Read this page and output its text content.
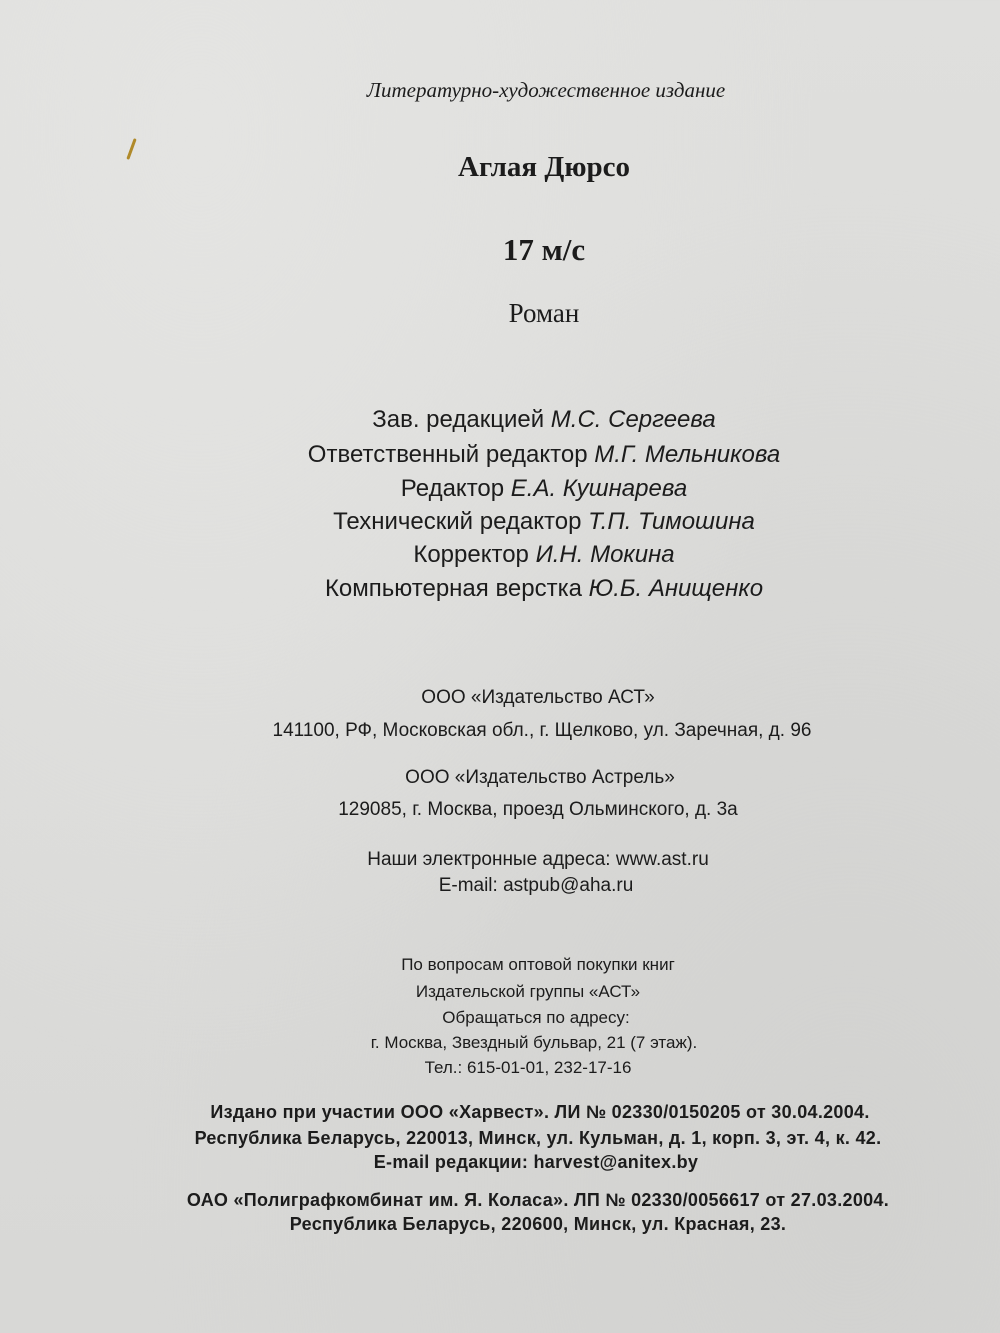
Литературно-художественное издание
Аглая Дюрсо
17 м/с
Роман
Зав. редакцией М.С. Сергеева
Ответственный редактор М.Г. Мельникова
Редактор Е.А. Кушнарева
Технический редактор Т.П. Тимошина
Корректор И.Н. Мокина
Компьютерная верстка Ю.Б. Анищенко
ООО «Издательство АСТ»
141100, РФ, Московская обл., г. Щелково, ул. Заречная, д. 96
ООО «Издательство Астрель»
129085, г. Москва, проезд Ольминского, д. 3а
Наши электронные адреса: www.ast.ru
E-mail: astpub@aha.ru
По вопросам оптовой покупки книг
Издательской группы «АСТ»
Обращаться по адресу:
г. Москва, Звездный бульвар, 21 (7 этаж).
Тел.: 615-01-01, 232-17-16
Издано при участии ООО «Харвест». ЛИ № 02330/0150205 от 30.04.2004.
Республика Беларусь, 220013, Минск, ул. Кульман, д. 1, корп. 3, эт. 4, к. 42.
E-mail редакции: harvest@anitex.by
ОАО «Полиграфкомбинат им. Я. Коласа». ЛП № 02330/0056617 от 27.03.2004.
Республика Беларусь, 220600, Минск, ул. Красная, 23.
